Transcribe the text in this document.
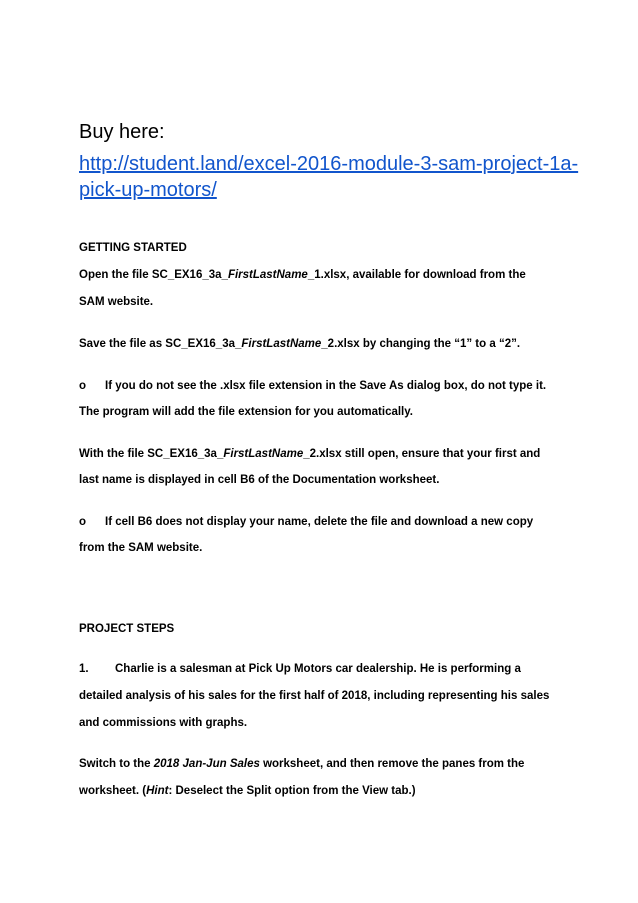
Buy here:
http://student.land/excel-2016-module-3-sam-project-1a-
pick-up-motors/
GETTING STARTED
Open the file SC_EX16_3a_FirstLastName_1.xlsx, available for download from the
SAM website.
Save the file as SC_EX16_3a_FirstLastName_2.xlsx by changing the “1” to a “2”.
o If you do not see the .xlsx file extension in the Save As dialog box, do not type it.
The program will add the file extension for you automatically.
With the file SC_EX16_3a_FirstLastName_2.xlsx still open, ensure that your first and
last name is displayed in cell B6 of the Documentation worksheet.
o If cell B6 does not display your name, delete the file and download a new copy
from the SAM website.
PROJECT STEPS
1. Charlie is a salesman at Pick Up Motors car dealership. He is performing a
detailed analysis of his sales for the first half of 2018, including representing his sales
and commissions with graphs.
Switch to the 2018 Jan-Jun Sales worksheet, and then remove the panes from the
worksheet. (Hint: Deselect the Split option from the View tab.)
